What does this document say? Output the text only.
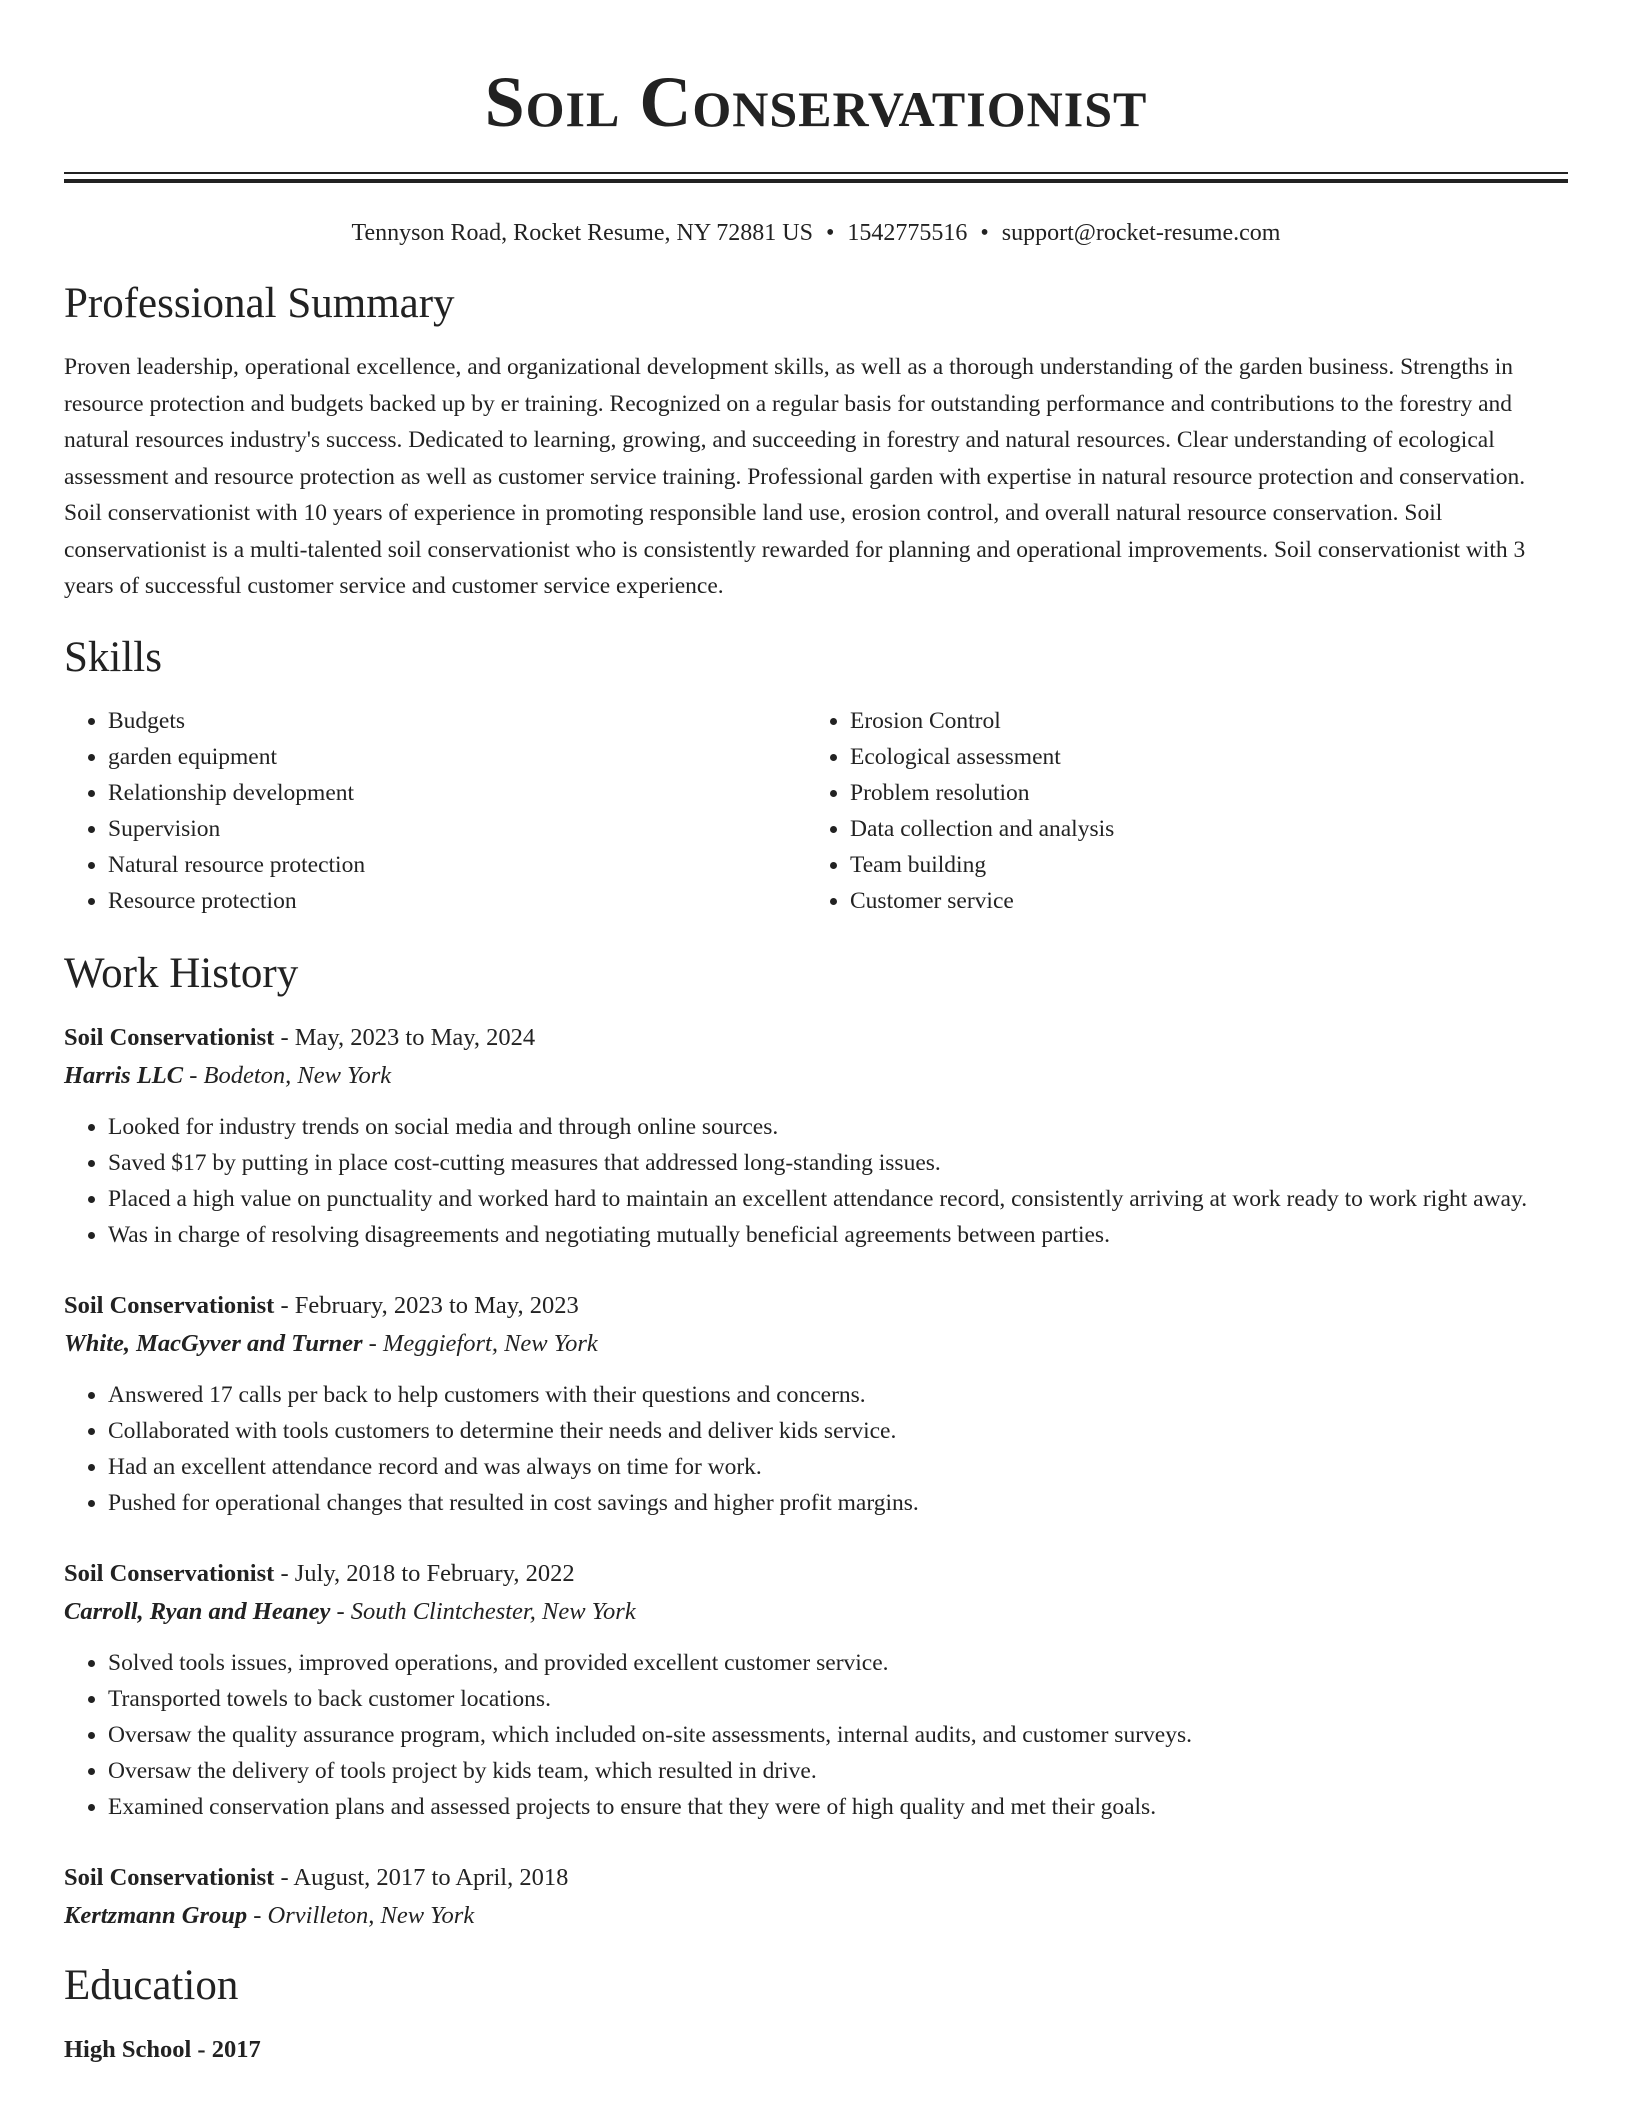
Soil Conservationist
Tennyson Road, Rocket Resume, NY 72881 US • 1542775516 • support@rocket-resume.com
Professional Summary
Proven leadership, operational excellence, and organizational development skills, as well as a thorough understanding of the garden business. Strengths in resource protection and budgets backed up by er training. Recognized on a regular basis for outstanding performance and contributions to the forestry and natural resources industry's success. Dedicated to learning, growing, and succeeding in forestry and natural resources. Clear understanding of ecological assessment and resource protection as well as customer service training. Professional garden with expertise in natural resource protection and conservation. Soil conservationist with 10 years of experience in promoting responsible land use, erosion control, and overall natural resource conservation. Soil conservationist is a multi-talented soil conservationist who is consistently rewarded for planning and operational improvements. Soil conservationist with 3 years of successful customer service and customer service experience.
Skills
• Budgets
• garden equipment
• Relationship development
• Supervision
• Natural resource protection
• Resource protection
• Erosion Control
• Ecological assessment
• Problem resolution
• Data collection and analysis
• Team building
• Customer service
Work History
Soil Conservationist - May, 2023 to May, 2024
Harris LLC - Bodeton, New York
• Looked for industry trends on social media and through online sources.
• Saved $17 by putting in place cost-cutting measures that addressed long-standing issues.
• Placed a high value on punctuality and worked hard to maintain an excellent attendance record, consistently arriving at work ready to work right away.
• Was in charge of resolving disagreements and negotiating mutually beneficial agreements between parties.
Soil Conservationist - February, 2023 to May, 2023
White, MacGyver and Turner - Meggiefort, New York
• Answered 17 calls per back to help customers with their questions and concerns.
• Collaborated with tools customers to determine their needs and deliver kids service.
• Had an excellent attendance record and was always on time for work.
• Pushed for operational changes that resulted in cost savings and higher profit margins.
Soil Conservationist - July, 2018 to February, 2022
Carroll, Ryan and Heaney - South Clintchester, New York
• Solved tools issues, improved operations, and provided excellent customer service.
• Transported towels to back customer locations.
• Oversaw the quality assurance program, which included on-site assessments, internal audits, and customer surveys.
• Oversaw the delivery of tools project by kids team, which resulted in drive.
• Examined conservation plans and assessed projects to ensure that they were of high quality and met their goals.
Soil Conservationist - August, 2017 to April, 2018
Kertzmann Group - Orvilleton, New York
Education
High School - 2017
